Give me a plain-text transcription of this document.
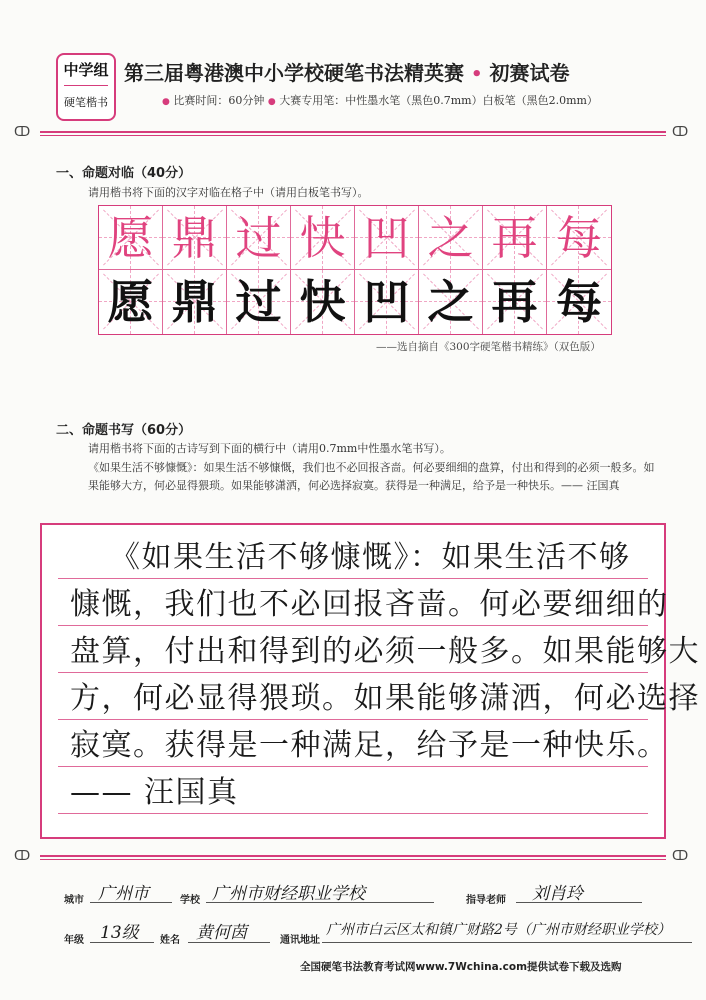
中学组
硬笔楷书
第三届粤港澳中小学校硬笔书法精英赛 • 初赛试卷
● 比赛时间：60分钟 ● 大赛专用笔：中性墨水笔（黑色0.7mm）白板笔（黑色2.0mm）
ↀ	ↀ
一、命题对临（40分）
请用楷书将下面的汉字对临在格子中（请用白板笔书写）。
愿 鼎 过 快 凹 之 再 每
愿 鼎 过 快 凹 之 再 每
——选自摘自《300字硬笔楷书精练》（双色版）
二、命题书写（60分）
请用楷书将下面的古诗写到下面的横行中（请用0.7mm中性墨水笔书写）。
《如果生活不够慷慨》：如果生活不够慷慨，我们也不必回报吝啬。何必要细细的盘算，付出和得到的必须一般多。如果能够大方，何必显得猥琐。如果能够潇洒，何必选择寂寞。获得是一种满足，给予是一种快乐。—— 汪国真
《如果生活不够慷慨》：如果生活不够
慷慨，我们也不必回报吝啬。何必要细细的
盘算，付出和得到的必须一般多。如果能够大
方，何必显得猥琐。如果能够潇洒，何必选择
寂寞。获得是一种满足，给予是一种快乐。
—— 汪国真
ↀ	ↀ
城市 广州市	学校 广州市财经职业学校	指导老师 刘肖玲
年级 13级 姓名 黄何茵	通讯地址
广州市白云区太和镇广财路2号（广州市财经职业学校）
全国硬笔书法教育考试网www.7Wchina.com提供试卷下载及选购
